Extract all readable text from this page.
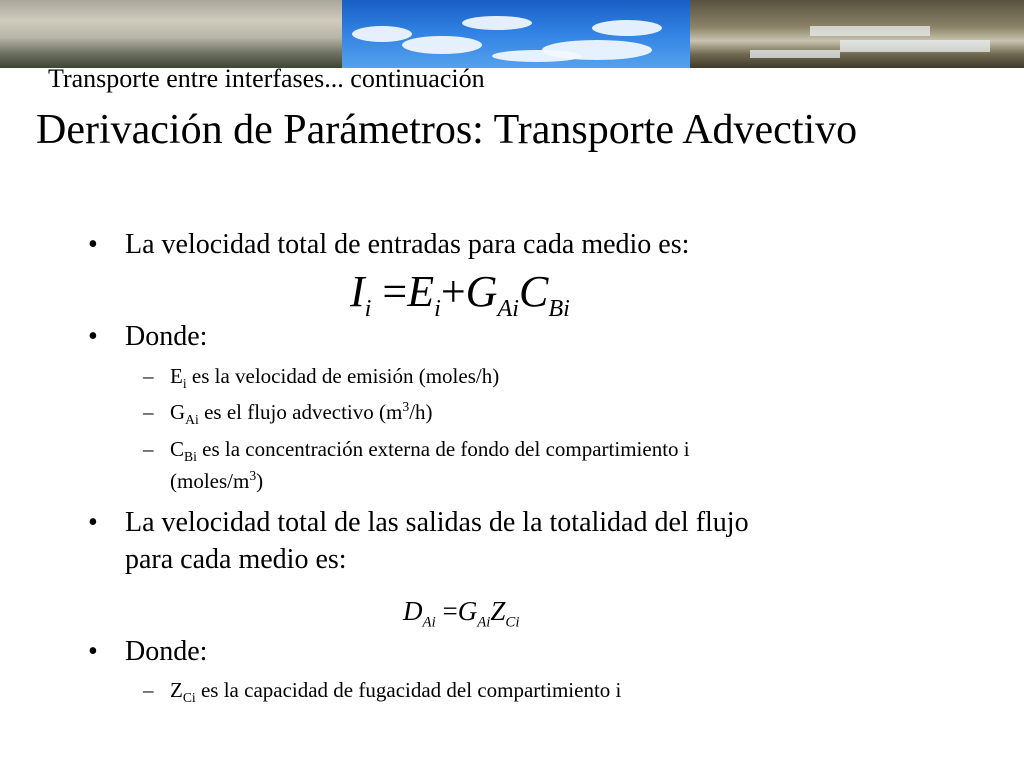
Transporte entre interfases... continuación
Derivación de Parámetros: Transporte Advectivo
• La velocidad total de entradas para cada medio es:
$I_i =E_i+G_{Ai}C_{Bi}$
• Donde:
– $E_i$ es la velocidad de emisión (moles/h)
– $G_{Ai}$ es el flujo advectivo $(m^3/h)$
– $C_{Bi}$ es la concentración externa de fondo del compartimiento i
$(moles/m^3)$
• La velocidad total de las salidas de la totalidad del flujo
para cada medio es:
$D_{Ai} =G_{Ai}Z_{Ci}$
• Donde:
– $Z_{Ci}$ es la capacidad de fugacidad del compartimiento i
